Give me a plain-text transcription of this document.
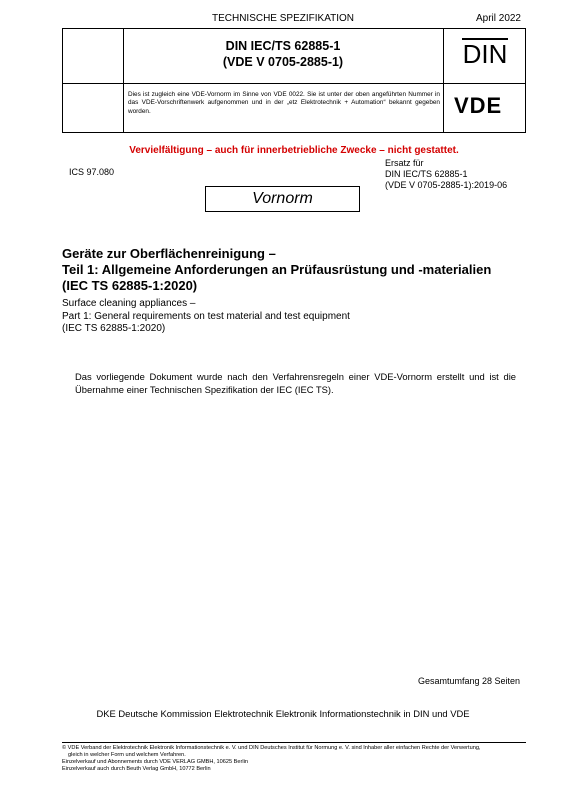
TECHNISCHE SPEZIFIKATION	April 2022
DIN IEC/TS 62885-1
(VDE V 0705-2885-1)	DIN
Dies ist zugleich eine VDE-Vornorm im Sinne von VDE 0022. Sie ist unter der oben angeführten Nummer in das VDE-Vorschriftenwerk aufgenommen und in der „etz Elektrotechnik + Automation“ bekannt gegeben worden.	VDE
Vervielfältigung – auch für innerbetriebliche Zwecke – nicht gestattet.
ICS 97.080
Ersatz für
DIN IEC/TS 62885-1
(VDE V 0705-2885-1):2019-06
Vornorm
Geräte zur Oberflächenreinigung –
Teil 1: Allgemeine Anforderungen an Prüfausrüstung und -materialien
(IEC TS 62885-1:2020)
Surface cleaning appliances –
Part 1: General requirements on test material and test equipment
(IEC TS 62885-1:2020)
Das vorliegende Dokument wurde nach den Verfahrensregeln einer VDE-Vornorm erstellt und ist die Übernahme einer Technischen Spezifikation der IEC (IEC TS).
Gesamtumfang 28 Seiten
DKE Deutsche Kommission Elektrotechnik Elektronik Informationstechnik in DIN und VDE
© VDE Verband der Elektrotechnik Elektronik Informationstechnik e. V. und DIN Deutsches Institut für Normung e. V. sind Inhaber aller einfachen Rechte der Verwertung,
gleich in welcher Form und welchem Verfahren.
Einzelverkauf und Abonnements durch VDE VERLAG GMBH, 10625 Berlin
Einzelverkauf auch durch Beuth Verlag GmbH, 10772 Berlin
